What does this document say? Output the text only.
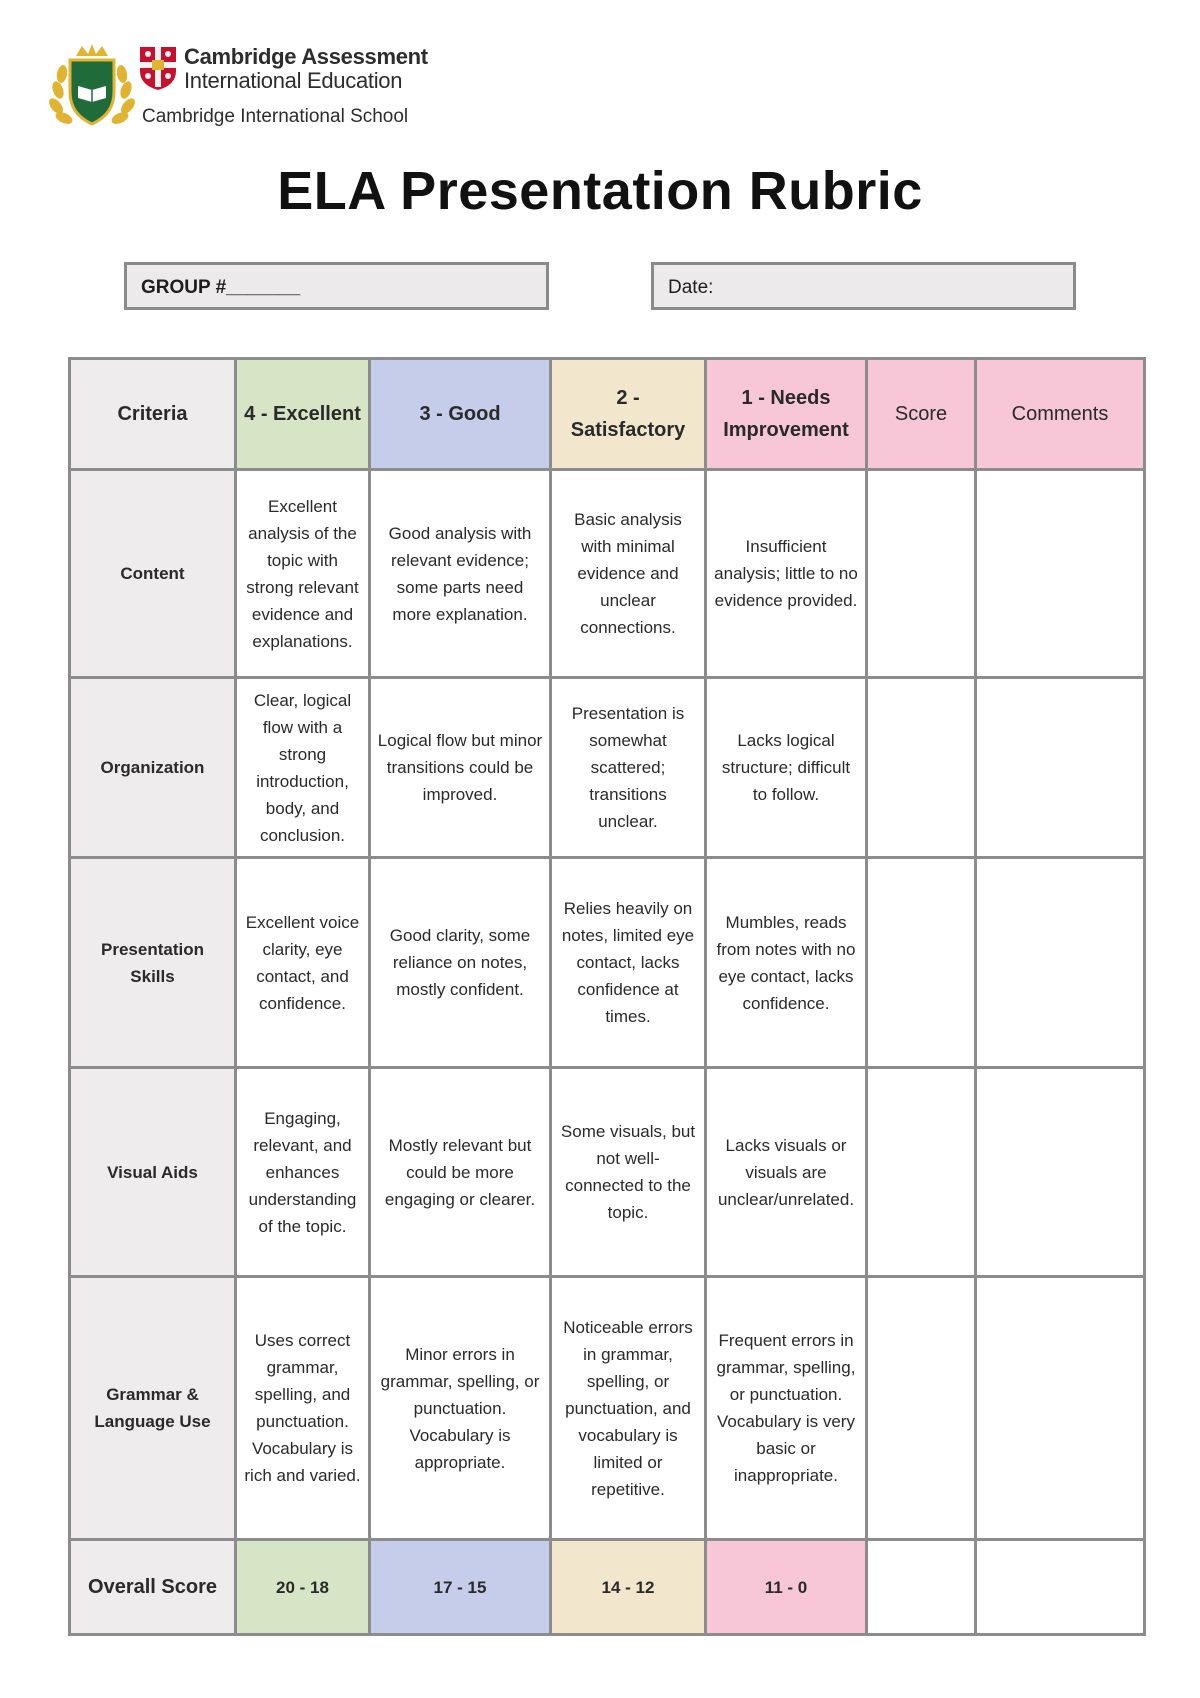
Cambridge Assessment
International Education
Cambridge International School
ELA Presentation Rubric
GROUP #_______	Date:
Criteria	4 - Excellent	3 - Good	2 - Satisfactory	1 - Needs Improvement	Score	Comments
Content	Excellent analysis of the topic with strong relevant evidence and explanations.	Good analysis with relevant evidence; some parts need more explanation.	Basic analysis with minimal evidence and unclear connections.	Insufficient analysis; little to no evidence provided.		
Organization	Clear, logical flow with a strong introduction, body, and conclusion.	Logical flow but minor transitions could be improved.	Presentation is somewhat scattered; transitions unclear.	Lacks logical structure; difficult to follow.		
Presentation Skills	Excellent voice clarity, eye contact, and confidence.	Good clarity, some reliance on notes, mostly confident.	Relies heavily on notes, limited eye contact, lacks confidence at times.	Mumbles, reads from notes with no eye contact, lacks confidence.		
Visual Aids	Engaging, relevant, and enhances understanding of the topic.	Mostly relevant but could be more engaging or clearer.	Some visuals, but not well-connected to the topic.	Lacks visuals or visuals are unclear/unrelated.		
Grammar & Language Use	Uses correct grammar, spelling, and punctuation. Vocabulary is rich and varied.	Minor errors in grammar, spelling, or punctuation. Vocabulary is appropriate.	Noticeable errors in grammar, spelling, or punctuation, and vocabulary is limited or repetitive.	Frequent errors in grammar, spelling, or punctuation. Vocabulary is very basic or inappropriate.		
Overall Score	20 - 18	17 - 15	14 - 12	11 - 0		
